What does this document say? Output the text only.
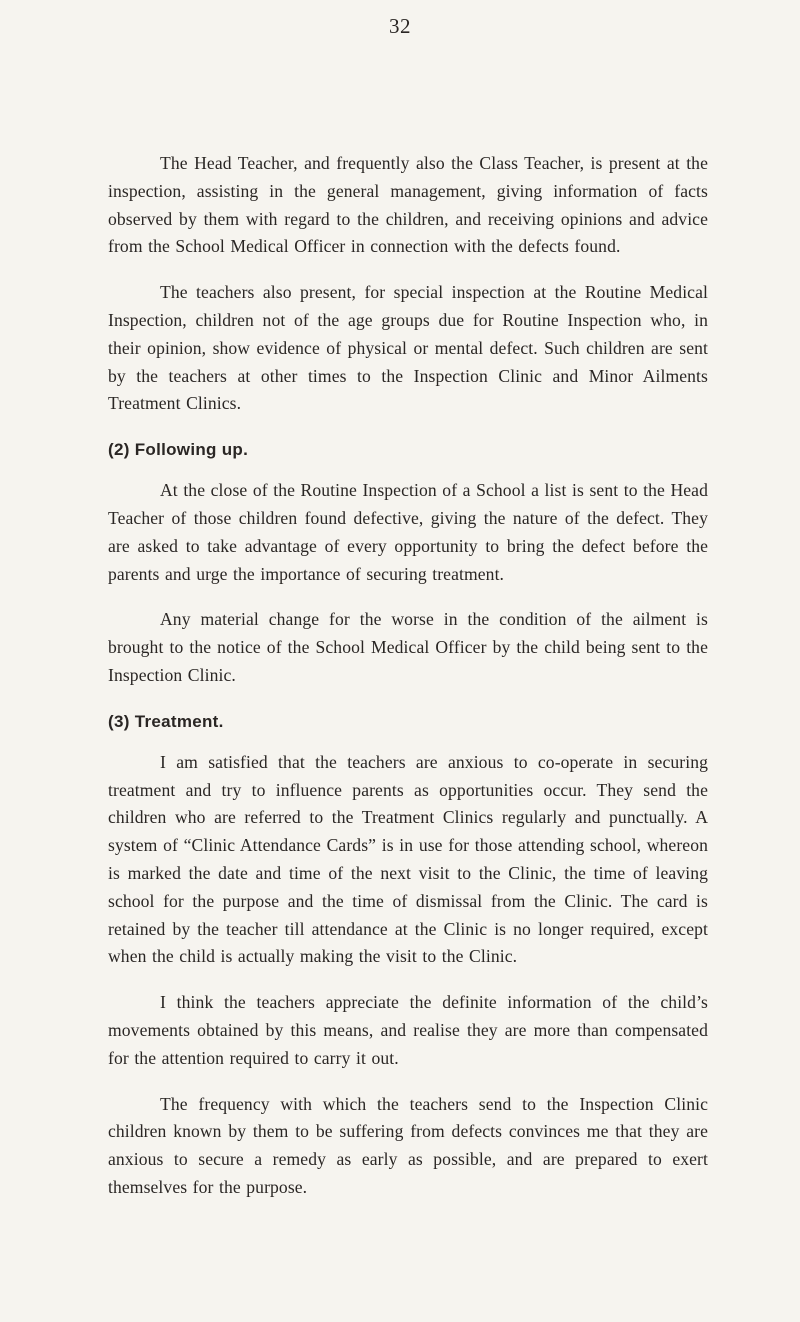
32

The Head Teacher, and frequently also the Class Teacher, is present at the inspection, assisting in the general management, giving information of facts observed by them with regard to the children, and receiving opinions and advice from the School Medical Officer in connection with the defects found.

The teachers also present, for special inspection at the Routine Medical Inspection, children not of the age groups due for Routine Inspection who, in their opinion, show evidence of physical or mental defect. Such children are sent by the teachers at other times to the Inspection Clinic and Minor Ailments Treatment Clinics.

(2) Following up.

At the close of the Routine Inspection of a School a list is sent to the Head Teacher of those children found defective, giving the nature of the defect. They are asked to take advantage of every opportunity to bring the defect before the parents and urge the importance of securing treatment.

Any material change for the worse in the condition of the ailment is brought to the notice of the School Medical Officer by the child being sent to the Inspection Clinic.

(3) Treatment.

I am satisfied that the teachers are anxious to co-operate in securing treatment and try to influence parents as opportunities occur. They send the children who are referred to the Treatment Clinics regularly and punctually. A system of “Clinic Attendance Cards” is in use for those attending school, whereon is marked the date and time of the next visit to the Clinic, the time of leaving school for the purpose and the time of dismissal from the Clinic. The card is retained by the teacher till attendance at the Clinic is no longer required, except when the child is actually making the visit to the Clinic.

I think the teachers appreciate the definite information of the child’s movements obtained by this means, and realise they are more than compensated for the attention required to carry it out.

The frequency with which the teachers send to the Inspection Clinic children known by them to be suffering from defects convinces me that they are anxious to secure a remedy as early as possible, and are prepared to exert themselves for the purpose.
